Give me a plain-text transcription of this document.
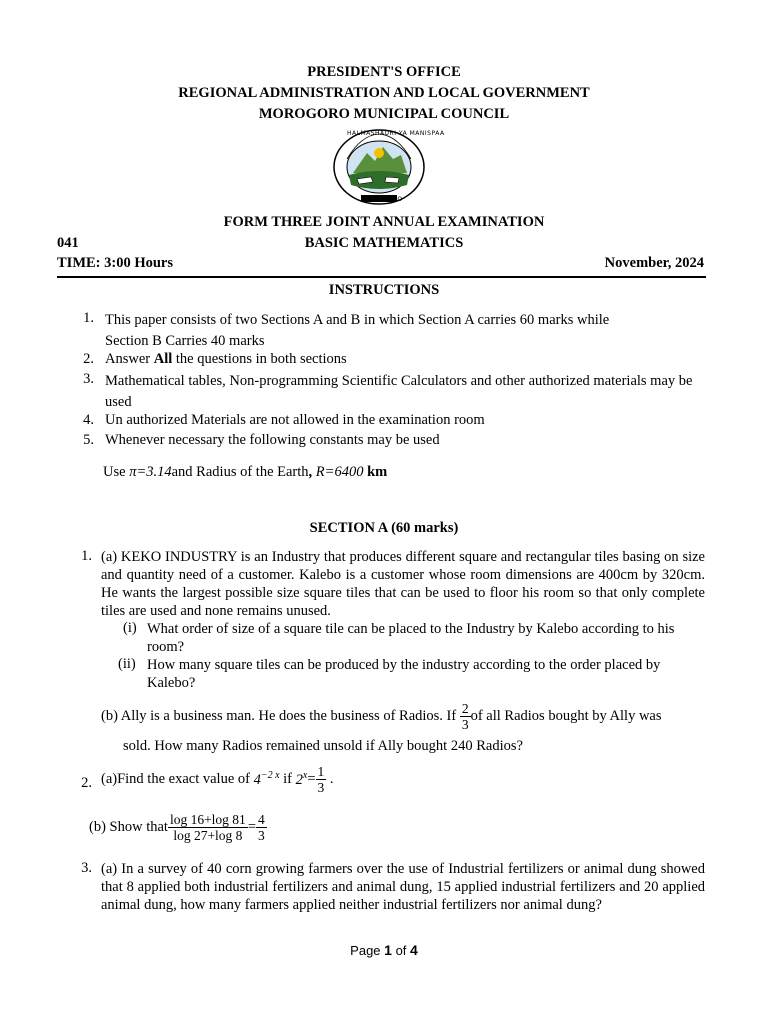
PRESIDENT'S OFFICE
REGIONAL ADMINISTRATION AND LOCAL GOVERNMENT
MOROGORO MUNICIPAL COUNCIL
HALMASHAURI YA MANISPAA
MOROGORO
FORM THREE JOINT ANNUAL EXAMINATION
041	BASIC MATHEMATICS
TIME: 3:00 Hours	November, 2024
INSTRUCTIONS
1. This paper consists of two Sections A and B in which Section A carries 60 marks while Section B Carries 40 marks
2. Answer All the questions in both sections
3. Mathematical tables, Non-programming Scientific Calculators and other authorized materials may be used
4. Un authorized Materials are not allowed in the examination room
5. Whenever necessary the following constants may be used
Use π=3.14and Radius of the Earth, R=6400 km
SECTION A (60 marks)
1. (a) KEKO INDUSTRY is an Industry that produces different square and rectangular tiles basing on size and quantity need of a customer. Kalebo is a customer whose room dimensions are 400cm by 320cm. He wants the largest possible size square tiles that can be used to floor his room so that only complete tiles are used and none remains unused.
(i) What order of size of a square tile can be placed to the Industry by Kalebo according to his room?
(ii) How many square tiles can be produced by the industry according to the order placed by Kalebo?
(b) Ally is a business man. He does the business of Radios. If $\frac{2}{3}$ of all Radios bought by Ally was
sold. How many Radios remained unsold if Ally bought 240 Radios?
2. (a)Find the exact value of $4^{-2 x}$ if $2^x= \frac{1}{3}$ .
(b) Show that $\frac{\log 16+\log 81}{\log 27+\log 8} = \frac{4}{3}$
3. (a) In a survey of 40 corn growing farmers over the use of Industrial fertilizers or animal dung showed that 8 applied both industrial fertilizers and animal dung, 15 applied industrial fertilizers and 20 applied animal dung, how many farmers applied neither industrial fertilizers nor animal dung?
Page 1 of 4
